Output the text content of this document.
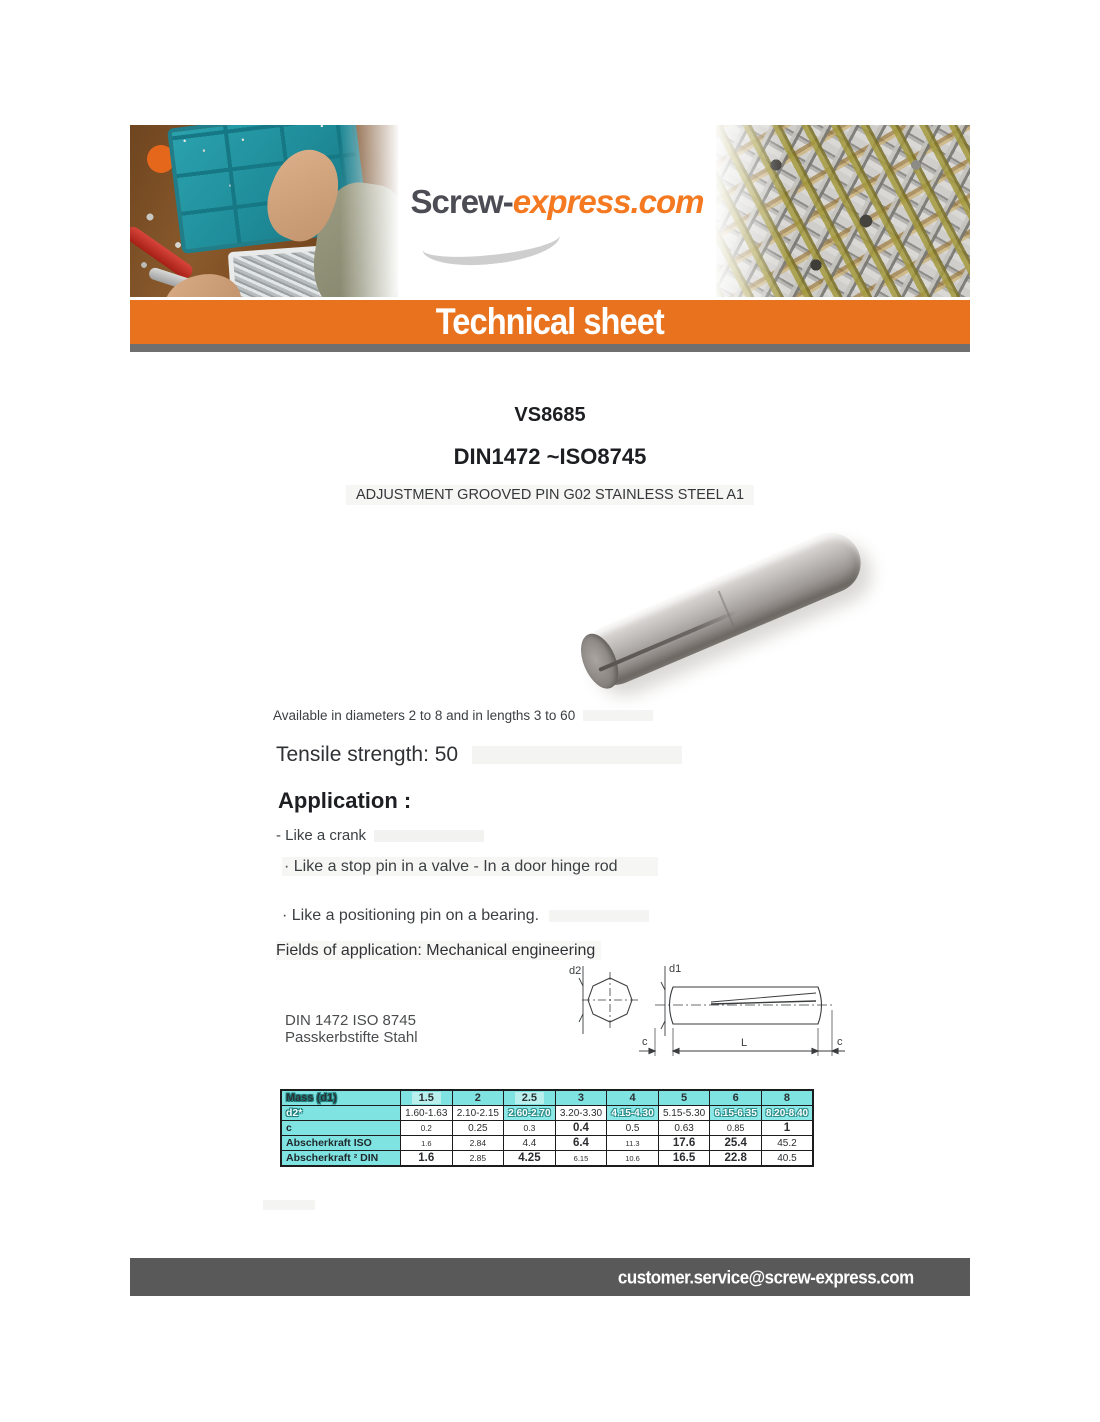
Screw-express.com
Technical sheet
VS8685
DIN1472 ~ISO8745
ADJUSTMENT GROOVED PIN G02 STAINLESS STEEL A1

Available in diameters 2 to 8 and in lengths 3 to 60

Tensile strength: 50

Application :

- Like a crank

· Like a stop pin in a valve - In a door hinge rod

· Like a positioning pin on a bearing.

Fields of application: Mechanical engineering

DIN 1472 ISO 8745
Passkerbstifte Stahl
d2	d1
c	L	c
Mass (d1)	1.5	2	2.5	3	4	5	6	8
d2*	1.60-1.63	2.10-2.15	2.60-2.70	3.20-3.30	4.15-4.30	5.15-5.30	6.15-6.35	8.20-8.40
c	0.2	0.25	0.3	0.4	0.5	0.63	0.85	1
Abscherkraft ISO	1.6	2.84	4.4	6.4	11.3	17.6	25.4	45.2
Abscherkraft ² DIN	1.6	2.85	4.25	6.15	10.6	16.5	22.8	40.5
customer.service@screw-express.com
